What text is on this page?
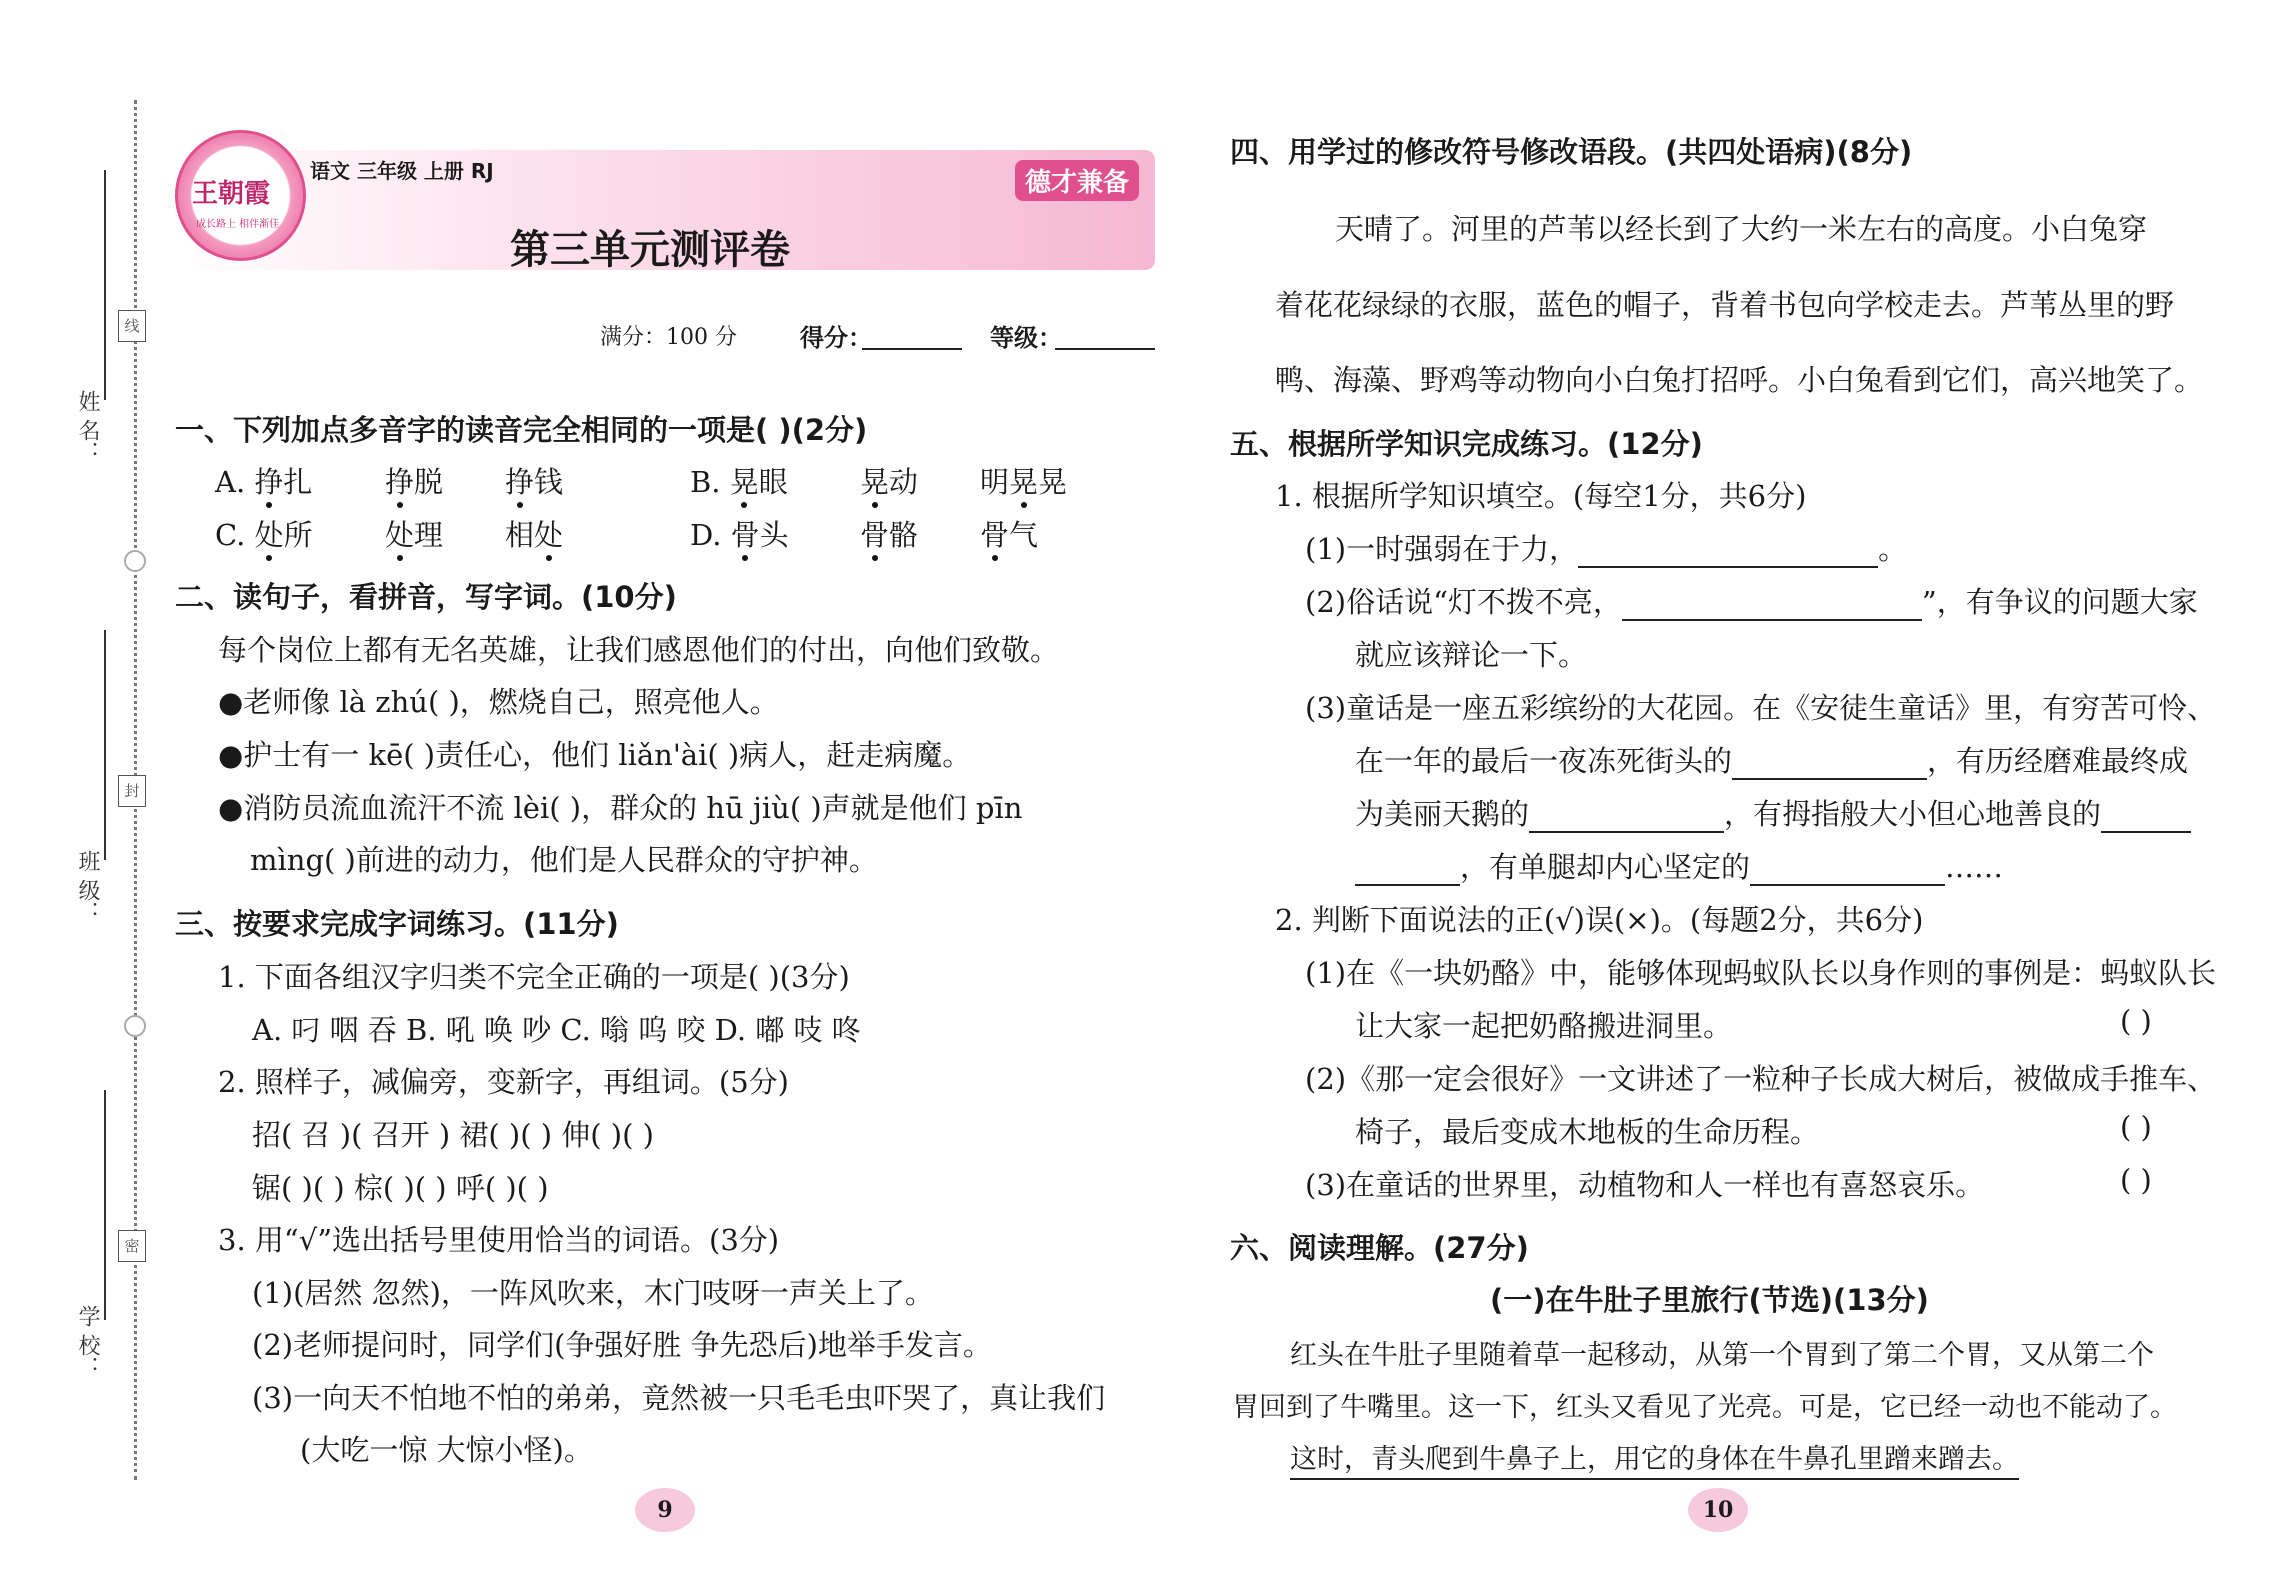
姓 名：
班 级：
学 校：
线
封
密
王朝霞
成长路上 相伴渐佳
语文 三年级 上册 RJ	德才兼备
第三单元测评卷
满分：100 分	得分：	等级：
一、下列加点多音字的读音完全相同的一项是( )(2分)
A. 挣扎	挣脱 挣钱	B. 晃眼 晃动 明晃晃
C. 处所 处理 相处	D. 骨头 骨骼 骨气
二、读句子，看拼音，写字词。(10分)
每个岗位上都有无名英雄，让我们感恩他们的付出，向他们致敬。
●老师像 là zhú( )，燃烧自己，照亮他人。
●护士有一 kē( )责任心，他们 liǎn'ài( )病人，赶走病魔。
●消防员流血流汗不流 lèi( )，群众的 hū jiù( )声就是他们 pīn
mìng( )前进的动力，他们是人民群众的守护神。
三、按要求完成字词练习。(11分)
1. 下面各组汉字归类不完全正确的一项是( )(3分)
A. 叼 咽 吞 B. 吼 唤 吵 C. 嗡 呜 咬 D. 嘟 吱 咚
2. 照样子，减偏旁，变新字，再组词。(5分)
招( 召 )( 召开 ) 裙( )( ) 伸( )( )
锯( )( ) 棕( )( ) 呼( )( )
3. 用“√”选出括号里使用恰当的词语。(3分)
(1)(居然 忽然)，一阵风吹来，木门吱呀一声关上了。
(2)老师提问时，同学们(争强好胜 争先恐后)地举手发言。
(3)一向天不怕地不怕的弟弟，竟然被一只毛毛虫吓哭了，真让我们
(大吃一惊 大惊小怪)。
9
四、用学过的修改符号修改语段。(共四处语病)(8分)
天晴了。河里的芦苇以经长到了大约一米左右的高度。小白兔穿
着花花绿绿的衣服，蓝色的帽子，背着书包向学校走去。芦苇丛里的野
鸭、海藻、野鸡等动物向小白兔打招呼。小白兔看到它们，高兴地笑了。
五、根据所学知识完成练习。(12分)
1. 根据所学知识填空。(每空1分，共6分)
(1)一时强弱在于力，	。
(2)俗话说“灯不拨不亮，	”，有争议的问题大家
就应该辩论一下。
(3)童话是一座五彩缤纷的大花园。在《安徒生童话》里，有穷苦可怜、
在一年的最后一夜冻死街头的	，有历经磨难最终成
为美丽天鹅的	，有拇指般大小但心地善良的
，有单腿却内心坚定的	……
2. 判断下面说法的正(√)误(×)。(每题2分，共6分)
(1)在《一块奶酪》中，能够体现蚂蚁队长以身作则的事例是：蚂蚁队长
让大家一起把奶酪搬进洞里。	( )
(2)《那一定会很好》一文讲述了一粒种子长成大树后，被做成手推车、
椅子，最后变成木地板的生命历程。	( )
(3)在童话的世界里，动植物和人一样也有喜怒哀乐。	( )
六、阅读理解。(27分)
(一)在牛肚子里旅行(节选)(13分)
红头在牛肚子里随着草一起移动，从第一个胃到了第二个胃，又从第二个
胃回到了牛嘴里。这一下，红头又看见了光亮。可是，它已经一动也不能动了。
这时，青头爬到牛鼻子上，用它的身体在牛鼻孔里蹭来蹭去。
10
